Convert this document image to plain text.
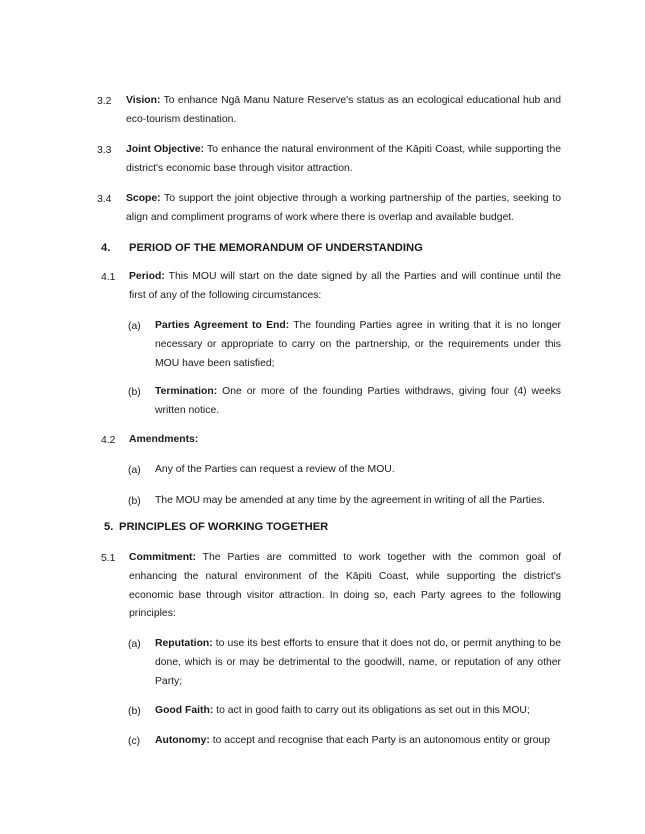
3.2 Vision: To enhance Ngā Manu Nature Reserve's status as an ecological educational hub and eco-tourism destination.
3.3 Joint Objective: To enhance the natural environment of the Kāpiti Coast, while supporting the district's economic base through visitor attraction.
3.4 Scope: To support the joint objective through a working partnership of the parties, seeking to align and compliment programs of work where there is overlap and available budget.
4. PERIOD OF THE MEMORANDUM OF UNDERSTANDING
4.1 Period: This MOU will start on the date signed by all the Parties and will continue until the first of any of the following circumstances:
(a) Parties Agreement to End: The founding Parties agree in writing that it is no longer necessary or appropriate to carry on the partnership, or the requirements under this MOU have been satisfied;
(b) Termination: One or more of the founding Parties withdraws, giving four (4) weeks written notice.
4.2 Amendments:
(a) Any of the Parties can request a review of the MOU.
(b) The MOU may be amended at any time by the agreement in writing of all the Parties.
5. PRINCIPLES OF WORKING TOGETHER
5.1 Commitment: The Parties are committed to work together with the common goal of enhancing the natural environment of the Kāpiti Coast, while supporting the district's economic base through visitor attraction. In doing so, each Party agrees to the following principles:
(a) Reputation: to use its best efforts to ensure that it does not do, or permit anything to be done, which is or may be detrimental to the goodwill, name, or reputation of any other Party;
(b) Good Faith: to act in good faith to carry out its obligations as set out in this MOU;
(c) Autonomy: to accept and recognise that each Party is an autonomous entity or group
